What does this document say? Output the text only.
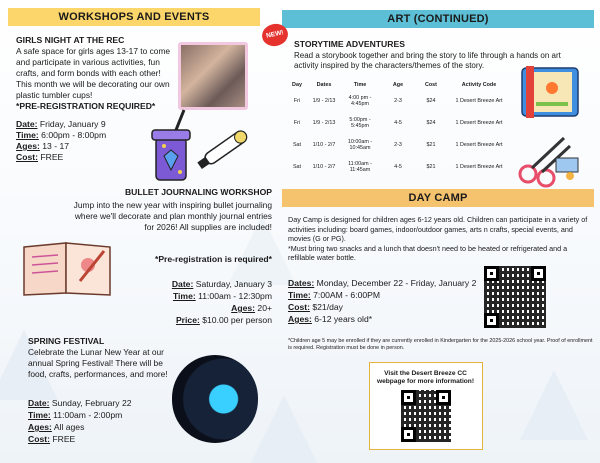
WORKSHOPS AND EVENTS	ART (CONTINUED)
DAY CAMP
NEW!
GIRLS NIGHT AT THE REC
A safe space for girls ages 13-17 to come and participate in various activities, fun crafts, and form bonds with each other! This month we will be decorating our own plastic tumbler cups!
*PRE-REGISTRATION REQUIRED*
Date: Friday, January 9
Time: 6:00pm - 8:00pm
Ages: 13 - 17
Cost: FREE
BULLET JOURNALING WORKSHOP
Jump into the new year with inspiring bullet journaling where we'll decorate and plan monthly journal entries for 2026! All supplies are included!
*Pre-registration is required*
Date: Saturday, January 3
Time: 11:00am - 12:30pm
Ages: 20+
Price: $10.00 per person
SPRING FESTIVAL
Celebrate the Lunar New Year at our annual Spring Festival! There will be food, crafts, performances, and more!
Date: Sunday, February 22
Time: 11:00am - 2:00pm
Ages: All ages
Cost: FREE
STORYTIME ADVENTURES
Read a storybook together and bring the story to life through a hands on art activity inspired by the characters/themes of the story.
Day	Dates	Time	Age	Cost	Activity Code
Fri	1/9 - 2/13	4:00 pm - 4:45pm	2-3	$24	1 Desert Breeze Art
Fri	1/9 - 2/13	5:00pm - 5:45pm	4-5	$24	1 Desert Breeze Art
Sat	1/10 - 2/7	10:00am - 10:45am	2-3	$21	1 Desert Breeze Art
Sat	1/10 - 2/7	11:00am - 11:45am	4-5	$21	1 Desert Breeze Art
Day Camp is designed for children ages 6-12 years old. Children can participate in a variety of activities including: board games, indoor/outdoor games, arts n crafts, special events, and movies (G or PG).
*Must bring two snacks and a lunch that doesn't need to be heated or refrigerated and a refillable water bottle.
Dates: Monday, December 22 - Friday, January 2
Time: 7:00AM - 6:00PM
Cost: $21/day
Ages: 6-12 years old*
*Children age 5 may be enrolled if they are currently enrolled in Kindergarten for the 2025-2026 school year. Proof of enrollment is required. Registration must be done in person.
Visit the Desert Breeze CC
webpage for more information!
